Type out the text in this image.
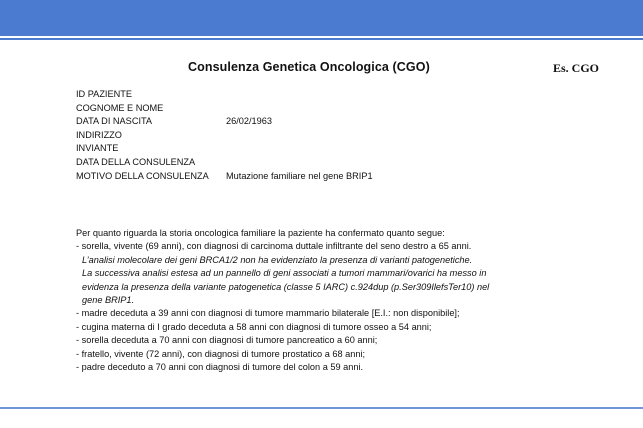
Consulenza Genetica Oncologica (CGO)	Es. CGO
ID PAZIENTE
COGNOME E NOME
DATA DI NASCITA	26/02/1963
INDIRIZZO
INVIANTE
DATA DELLA CONSULENZA
MOTIVO DELLA CONSULENZA	Mutazione familiare nel gene BRIP1

Per quanto riguarda la storia oncologica familiare la paziente ha confermato quanto segue:

- sorella, vivente (69 anni), con diagnosi di carcinoma duttale infiltrante del seno destro a 65 anni.

L’analisi molecolare dei geni BRCA1/2 non ha evidenziato la presenza di varianti patogenetiche.

La successiva analisi estesa ad un pannello di geni associati a tumori mammari/ovarici ha messo in

evidenza la presenza della variante patogenetica (classe 5 IARC) c.924dup (p.Ser309IlefsTer10) nel

gene BRIP1.

- madre deceduta a 39 anni con diagnosi di tumore mammario bilaterale [E.I.: non disponibile];

- cugina materna di I grado deceduta a 58 anni con diagnosi di tumore osseo a 54 anni;

- sorella deceduta a 70 anni con diagnosi di tumore pancreatico a 60 anni;

- fratello, vivente (72 anni), con diagnosi di tumore prostatico a 68 anni;

- padre deceduto a 70 anni con diagnosi di tumore del colon a 59 anni.
